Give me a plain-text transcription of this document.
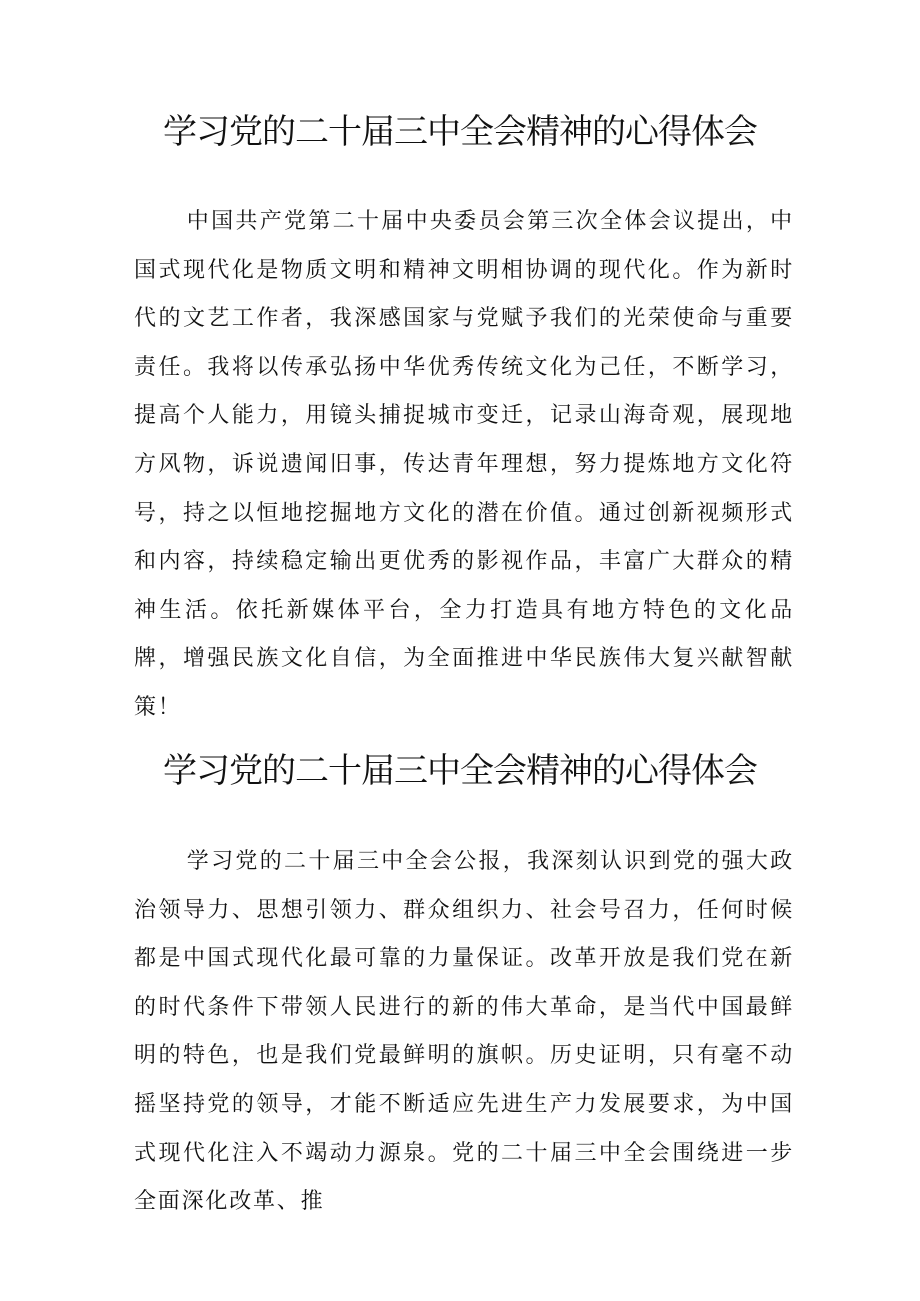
学习党的二十届三中全会精神的心得体会

中国共产党第二十届中央委员会第三次全体会议提出，中国式现代化是物质文明和精神文明相协调的现代化。作为新时代的文艺工作者，我深感国家与党赋予我们的光荣使命与重要责任。我将以传承弘扬中华优秀传统文化为己任，不断学习，提高个人能力，用镜头捕捉城市变迁，记录山海奇观，展现地方风物，诉说遗闻旧事，传达青年理想，努力提炼地方文化符号，持之以恒地挖掘地方文化的潜在价值。通过创新视频形式和内容，持续稳定输出更优秀的影视作品，丰富广大群众的精神生活。依托新媒体平台，全力打造具有地方特色的文化品牌，增强民族文化自信，为全面推进中华民族伟大复兴献智献策！

学习党的二十届三中全会精神的心得体会

学习党的二十届三中全会公报，我深刻认识到党的强大政治领导力、思想引领力、群众组织力、社会号召力，任何时候都是中国式现代化最可靠的力量保证。改革开放是我们党在新的时代条件下带领人民进行的新的伟大革命，是当代中国最鲜明的特色，也是我们党最鲜明的旗帜。历史证明，只有毫不动摇坚持党的领导，才能不断适应先进生产力发展要求，为中国式现代化注入不竭动力源泉。党的二十届三中全会围绕进一步全面深化改革、推
